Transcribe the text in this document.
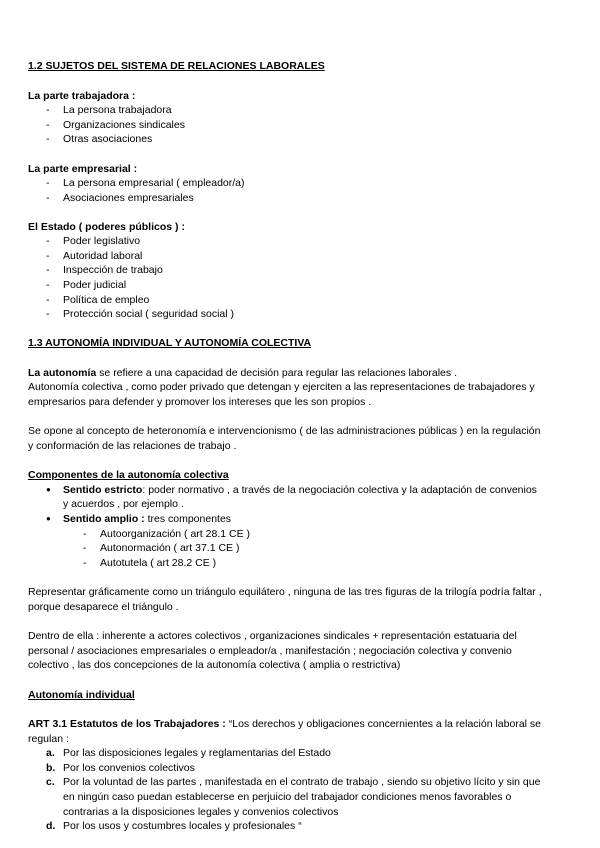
1.2 SUJETOS DEL SISTEMA DE RELACIONES LABORALES
La parte trabajadora :
- La persona trabajadora
- Organizaciones sindicales
- Otras asociaciones
La parte empresarial :
- La persona empresarial ( empleador/a)
- Asociaciones empresariales
El Estado ( poderes públicos ) :
- Poder legislativo
- Autoridad laboral
- Inspección de trabajo
- Poder judicial
- Política de empleo
- Protección social ( seguridad social )
1.3 AUTONOMÍA INDIVIDUAL Y AUTONOMÍA COLECTIVA
La autonomía se refiere a una capacidad de decisión para regular las relaciones laborales .
Autonomía colectiva , como poder privado que detengan y ejerciten a las representaciones de trabajadores y
empresarios para defender y promover los intereses que les son propios .
Se opone al concepto de heteronomía e intervencionismo ( de las administraciones públicas ) en la regulación
y conformación de las relaciones de trabajo .
Componentes de la autonomía colectiva
● Sentido estricto: poder normativo , a través de la negociación colectiva y la adaptación de convenios
y acuerdos , por ejemplo .
● Sentido amplio : tres componentes
- Autoorganización ( art 28.1 CE )
- Autonormación ( art 37.1 CE )
- Autotutela ( art 28.2 CE )
Representar gráficamente como un triángulo equilátero , ninguna de las tres figuras de la trilogía podría faltar ,
porque desaparece el triángulo .
Dentro de ella : inherente a actores colectivos , organizaciones sindicales + representación estatuaria del
personal / asociaciones empresariales o empleador/a , manifestación ; negociación colectiva y convenio
colectivo , las dos concepciones de la autonomía colectiva ( amplia o restrictiva)
Autonomía individual
ART 3.1 Estatutos de los Trabajadores : “Los derechos y obligaciones concernientes a la relación laboral se
regulan :
a. Por las disposiciones legales y reglamentarias del Estado
b. Por los convenios colectivos
c. Por la voluntad de las partes , manifestada en el contrato de trabajo , siendo su objetivo lícito y sin que
en ningún caso puedan establecerse en perjuicio del trabajador condiciones menos favorables o
contrarias a la disposiciones legales y convenios colectivos
d. Por los usos y costumbres locales y profesionales “
